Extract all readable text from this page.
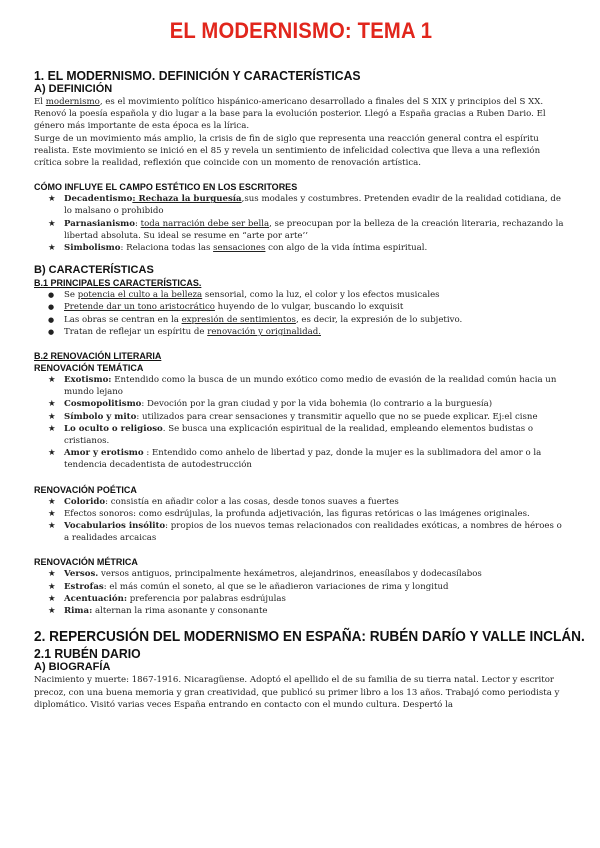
EL MODERNISMO: TEMA 1
1. EL MODERNISMO. DEFINICIÓN Y CARACTERÍSTICAS
A) DEFINICIÓN

El modernismo, es el movimiento político hispánico-americano desarrollado a finales del S XIX y principios del S XX. Renovó la poesía española y dio lugar a la base para la evolución posterior. Llegó a España gracias a Ruben Dario. El género más importante de esta época es la lírica.

Surge de un movimiento más amplio, la crisis de fin de siglo que representa una reacción general contra el espíritu realista. Este movimiento se inició en el 85 y revela un sentimiento de infelicidad colectiva que lleva a una reflexión crítica sobre la realidad, reflexión que coincide con un momento de renovación artística.

CÓMO INFLUYE EL CAMPO ESTÉTICO EN LOS ESCRITORES
★ Decadentismo: Rechaza la burguesía,sus modales y costumbres. Pretenden evadir de la realidad cotidiana, de lo malsano o prohibido
★ Parnasianismo: toda narración debe ser bella, se preocupan por la belleza de la creación literaria, rechazando la libertad absoluta. Su ideal se resume en “arte por arte’’
★ Simbolismo: Relaciona todas las sensaciones con algo de la vida íntima espiritual.
B) CARACTERÍSTICAS
B.1 PRINCIPALES CARACTERÍSTICAS.
● Se potencia el culto a la belleza sensorial, como la luz, el color y los efectos musicales
● Pretende dar un tono aristocrático huyendo de lo vulgar, buscando lo exquisit
● Las obras se centran en la expresión de sentimientos, es decir, la expresión de lo subjetivo.
● Tratan de reflejar un espíritu de renovación y originalidad.
B.2 RENOVACIÓN LITERARIA
RENOVACIÓN TEMÁTICA
★ Exotismo: Entendido como la busca de un mundo exótico como medio de evasión de la realidad común hacia un mundo lejano
★ Cosmopolitismo: Devoción por la gran ciudad y por la vida bohemia (lo contrario a la burguesía)
★ Símbolo y mito: utilizados para crear sensaciones y transmitir aquello que no se puede explicar. Ej:el cisne
★ Lo oculto o religioso. Se busca una explicación espiritual de la realidad, empleando elementos budistas o cristianos.
★ Amor y erotismo : Entendido como anhelo de libertad y paz, donde la mujer es la sublimadora del amor o la tendencia decadentista de autodestrucción
RENOVACIÓN POÉTICA
★ Colorido: consistía en añadir color a las cosas, desde tonos suaves a fuertes
★ Efectos sonoros: como esdrújulas, la profunda adjetivación, las figuras retóricas o las imágenes originales.
★ Vocabularios insólito: propios de los nuevos temas relacionados con realidades exóticas, a nombres de héroes o a realidades arcaicas
RENOVACIÓN MÉTRICA
★ Versos. versos antiguos, principalmente hexámetros, alejandrinos, eneasílabos y dodecasílabos
★ Estrofas: el más común el soneto, al que se le añadieron variaciones de rima y longitud
★ Acentuación: preferencia por palabras esdrújulas
★ Rima: alternan la rima asonante y consonante
2. REPERCUSIÓN DEL MODERNISMO EN ESPAÑA: RUBÉN DARÍO Y VALLE INCLÁN.
2.1 RUBÉN DARIO
A) BIOGRAFÍA

Nacimiento y muerte: 1867-1916. Nicaragüense. Adoptó el apellido el de su familia de su tierra natal. Lector y escritor precoz, con una buena memoria y gran creatividad, que publicó su primer libro a los 13 años. Trabajó como periodista y diplomático. Visitó varias veces España entrando en contacto con el mundo cultura. Despertó la
